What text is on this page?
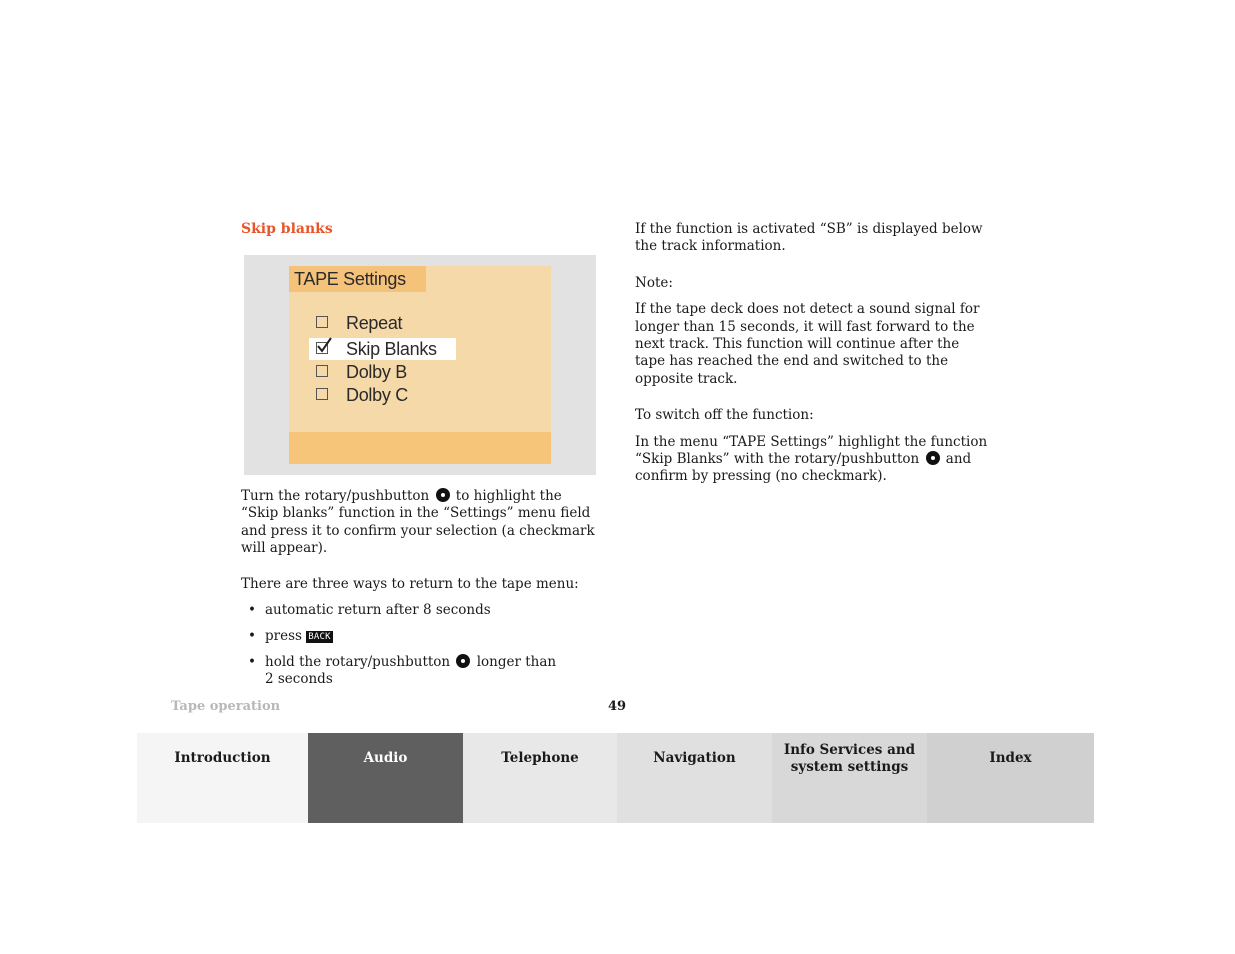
Skip blanks
TAPE Settings
Repeat
Skip Blanks
Dolby B
Dolby C

Turn the rotary/pushbutton to highlight the “Skip blanks” function in the “Settings” menu field and press it to confirm your selection (a checkmark will appear).

There are three ways to return to the tape menu:

• automatic return after 8 seconds
• press BACK
• hold the rotary/pushbutton longer than
2 seconds

If the function is activated “SB” is displayed below the track information.

Note:

If the tape deck does not detect a sound signal for longer than 15 seconds, it will fast forward to the next track. This function will continue after the tape has reached the end and switched to the opposite track.

To switch off the function:

In the menu “TAPE Settings” highlight the function “Skip Blanks” with the rotary/pushbutton and confirm by pressing (no checkmark).

Tape operation	49
Introduction	Audio	Telephone	Navigation	Info Services and
system settings
Index
